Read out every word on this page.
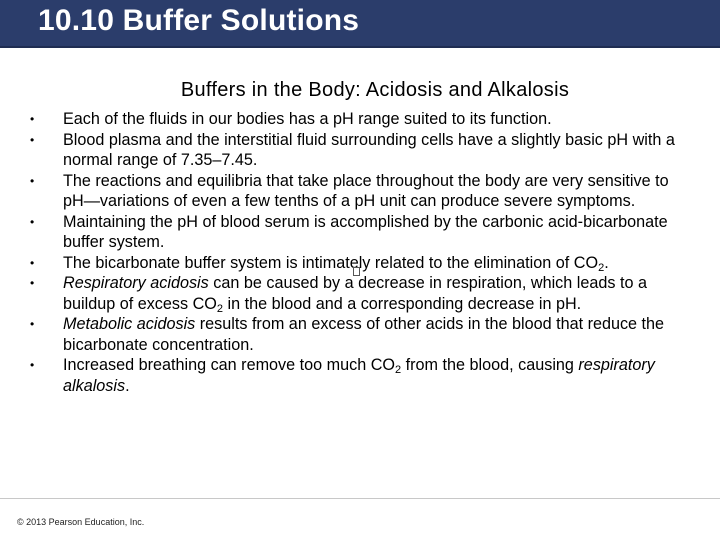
10.10 Buffer Solutions
Buffers in the Body: Acidosis and Alkalosis
• Each of the fluids in our bodies has a pH range suited to its function.
• Blood plasma and the interstitial fluid surrounding cells have a slightly basic pH with a normal range of 7.35–7.45.
• The reactions and equilibria that take place throughout the body are very sensitive to pH—variations of even a few tenths of a pH unit can produce severe symptoms.
• Maintaining the pH of blood serum is accomplished by the carbonic acid-bicarbonate buffer system.
• The bicarbonate buffer system is intimately related to the elimination of $CO_2$.
• Respiratory acidosis can be caused by a decrease in respiration, which leads to a buildup of excess $CO_2$ in the blood and a corresponding decrease in pH.
• Metabolic acidosis results from an excess of other acids in the blood that reduce the bicarbonate concentration.
• Increased breathing can remove too much $CO_2$ from the blood, causing respiratory alkalosis.
© 2013 Pearson Education, Inc.
